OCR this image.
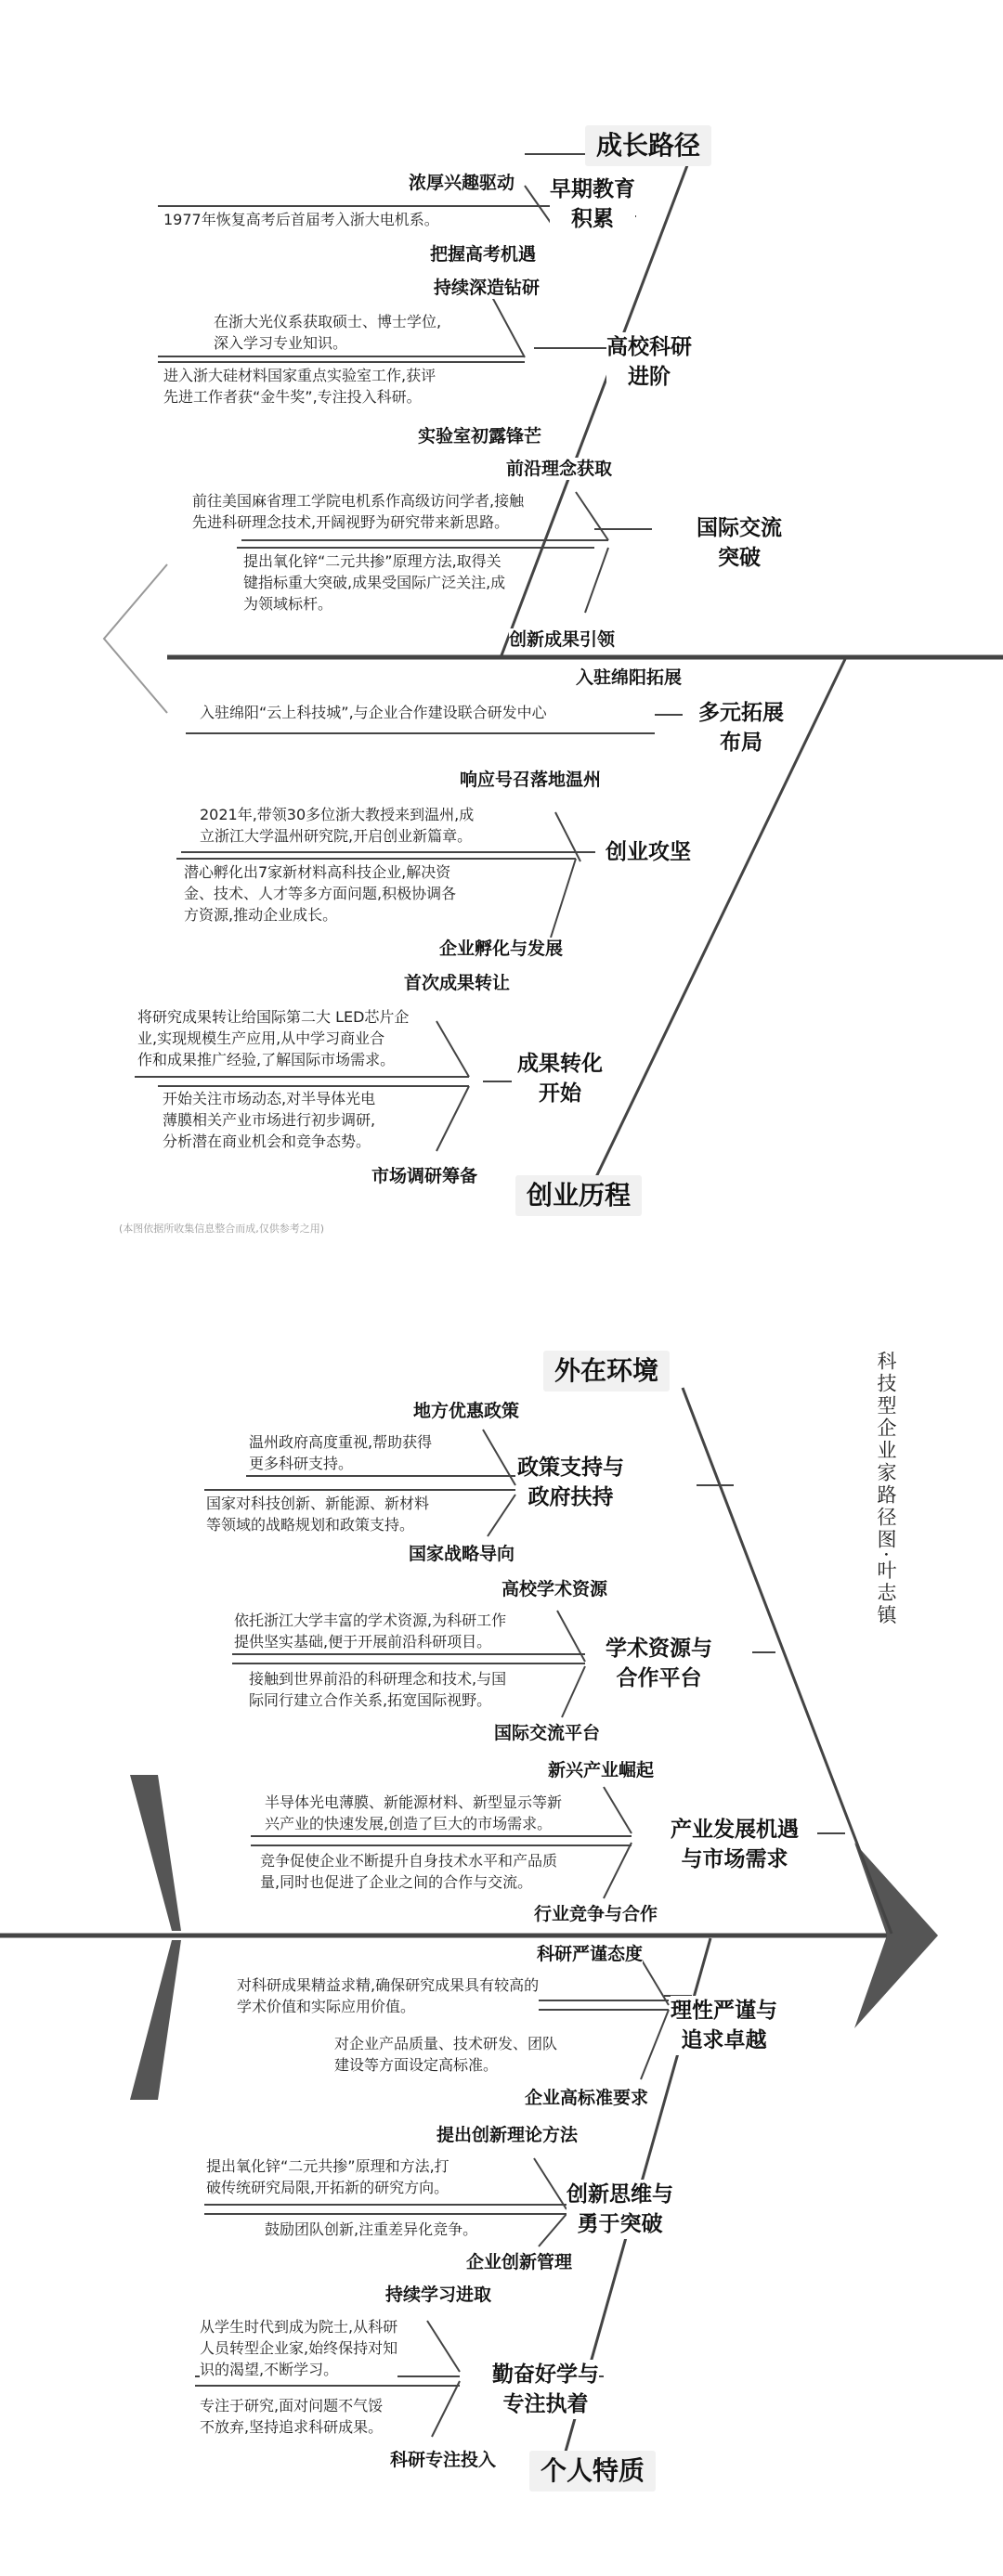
成长路径
浓厚兴趣驱动 早期教育
积累
1977年恢复高考后首届考入浙大电机系。
把握高考机遇
持续深造钻研
在浙大光仪系获取硕士、博士学位,
深入学习专业知识。	高校科研
进阶
进入浙大硅材料国家重点实验室工作,获评
先进工作者获“金牛奖”,专注投入科研。
实验室初露锋芒
前沿理念获取
前往美国麻省理工学院电机系作高级访问学者,接触
先进科研理念技术,开阔视野为研究带来新思路。	国际交流
突破
提出氧化锌“二元共掺”原理方法,取得关
键指标重大突破,成果受国际广泛关注,成
为领域标杆。
创新成果引领
入驻绵阳拓展
入驻绵阳“云上科技城”,与企业合作建设联合研发中心	多元拓展
布局
响应号召落地温州
2021年,带领30多位浙大教授来到温州,成
立浙江大学温州研究院,开启创业新篇章。
创业攻坚
潜心孵化出7家新材料高科技企业,解决资
金、技术、人才等多方面问题,积极协调各
方资源,推动企业成长。
企业孵化与发展
首次成果转让
将研究成果转让给国际第二大 LED芯片企
业,实现规模生产应用,从中学习商业合
作和成果推广经验,了解国际市场需求。	成果转化
开始
开始关注市场动态,对半导体光电
薄膜相关产业市场进行初步调研,
分析潜在商业机会和竞争态势。
市场调研筹备
创业历程
(本图依据所收集信息整合而成,仅供参考之用)
外在环境	科技型企业家路径图·叶志镇
地方优惠政策
温州政府高度重视,帮助获得
更多科研支持。	政策支持与
政府扶持
国家对科技创新、新能源、新材料
等领域的战略规划和政策支持。
国家战略导向
高校学术资源
依托浙江大学丰富的学术资源,为科研工作
提供坚实基础,便于开展前沿科研项目。	学术资源与
合作平台
接触到世界前沿的科研理念和技术,与国
际同行建立合作关系,拓宽国际视野。
国际交流平台
新兴产业崛起
半导体光电薄膜、新能源材料、新型显示等新
兴产业的快速发展,创造了巨大的市场需求。	产业发展机遇
与市场需求
竞争促使企业不断提升自身技术水平和产品质
量,同时也促进了企业之间的合作与交流。
行业竞争与合作
科研严谨态度
对科研成果精益求精,确保研究成果具有较高的
学术价值和实际应用价值。	理性严谨与
追求卓越
对企业产品质量、技术研发、团队
建设等方面设定高标准。
企业高标准要求
提出创新理论方法
提出氧化锌“二元共掺”原理和方法,打
破传统研究局限,开拓新的研究方向。	创新思维与
勇于突破
鼓励团队创新,注重差异化竞争。
企业创新管理
持续学习进取
从学生时代到成为院士,从科研
人员转型企业家,始终保持对知
识的渴望,不断学习。	勤奋好学与
专注执着
专注于研究,面对问题不气馁
不放弃,坚持追求科研成果。
科研专注投入	个人特质
